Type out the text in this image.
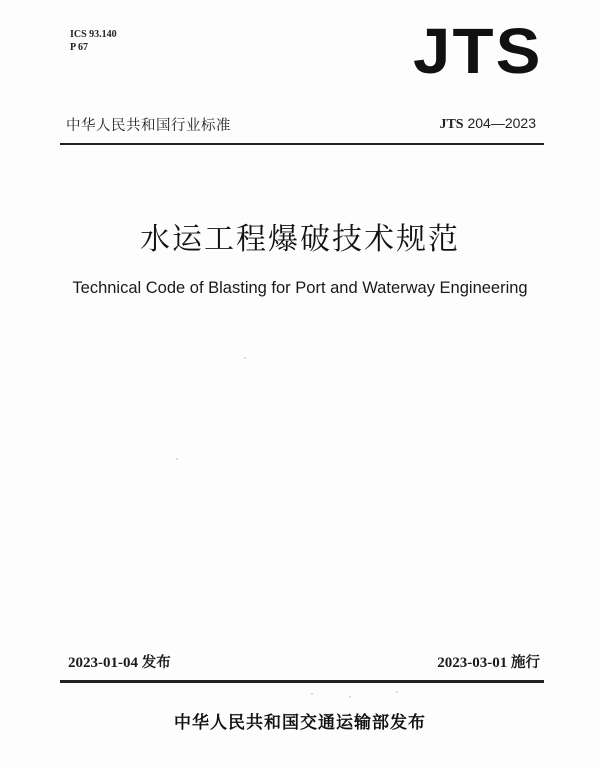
ICS 93.140
P 67	JTS
中华人民共和国行业标准	JTS 204—2023
水运工程爆破技术规范
Technical Code of Blasting for Port and Waterway Engineering
2023-01-04 发布	2023-03-01 施行
中华人民共和国交通运输部发布
